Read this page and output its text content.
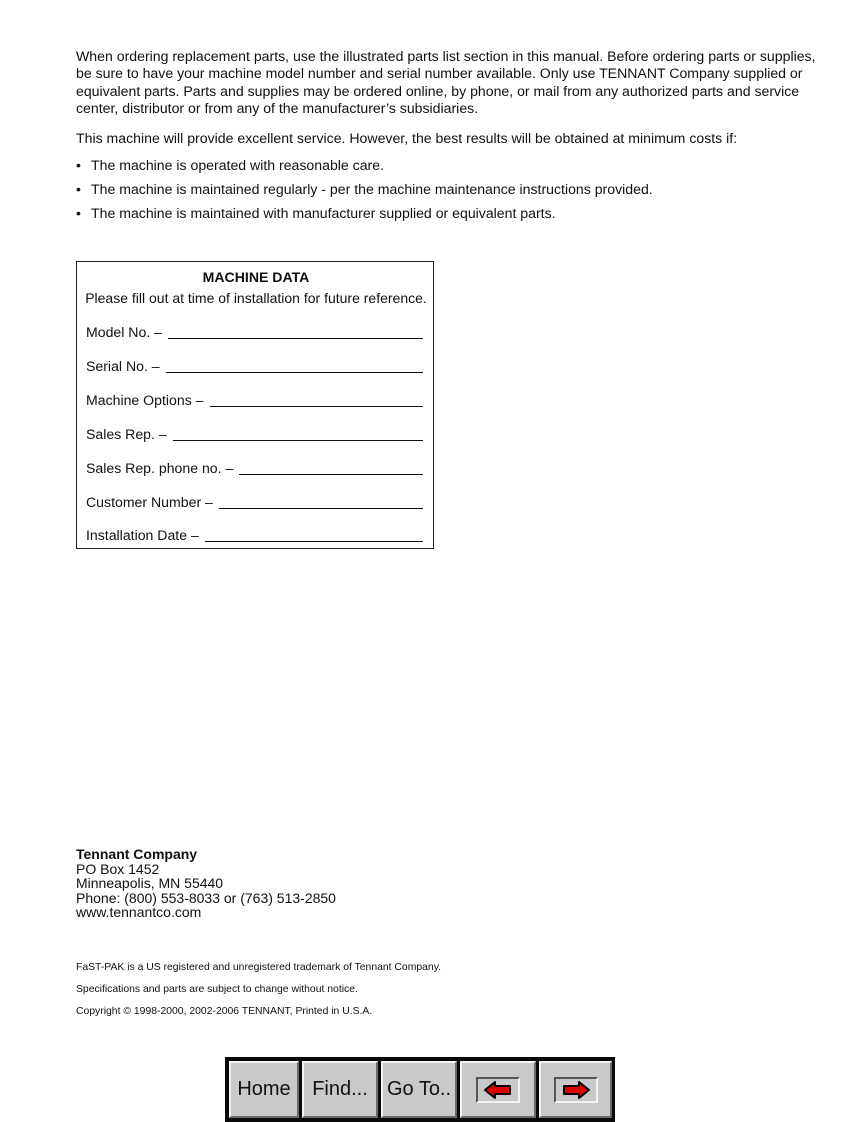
When ordering replacement parts, use the illustrated parts list section in this manual. Before ordering parts or supplies, be sure to have your machine model number and serial number available. Only use TENNANT Company supplied or equivalent parts. Parts and supplies may be ordered online, by phone, or mail from any authorized parts and service center, distributor or from any of the manufacturer’s subsidiaries.

This machine will provide excellent service. However, the best results will be obtained at minimum costs if:

• The machine is operated with reasonable care.
• The machine is maintained regularly - per the machine maintenance instructions provided.
• The machine is maintained with manufacturer supplied or equivalent parts.
MACHINE DATA
Please fill out at time of installation for future reference.
Model No. –
Serial No. –
Machine Options –
Sales Rep. –
Sales Rep. phone no. –
Customer Number –
Installation Date –
Tennant Company
PO Box 1452
Minneapolis, MN 55440
Phone: (800) 553-8033 or (763) 513-2850
www.tennantco.com
FaST-PAK is a US registered and unregistered trademark of Tennant Company.
Specifications and parts are subject to change without notice.
Copyright © 1998-2000, 2002-2006 TENNANT, Printed in U.S.A.
Home	Find... Go To..
